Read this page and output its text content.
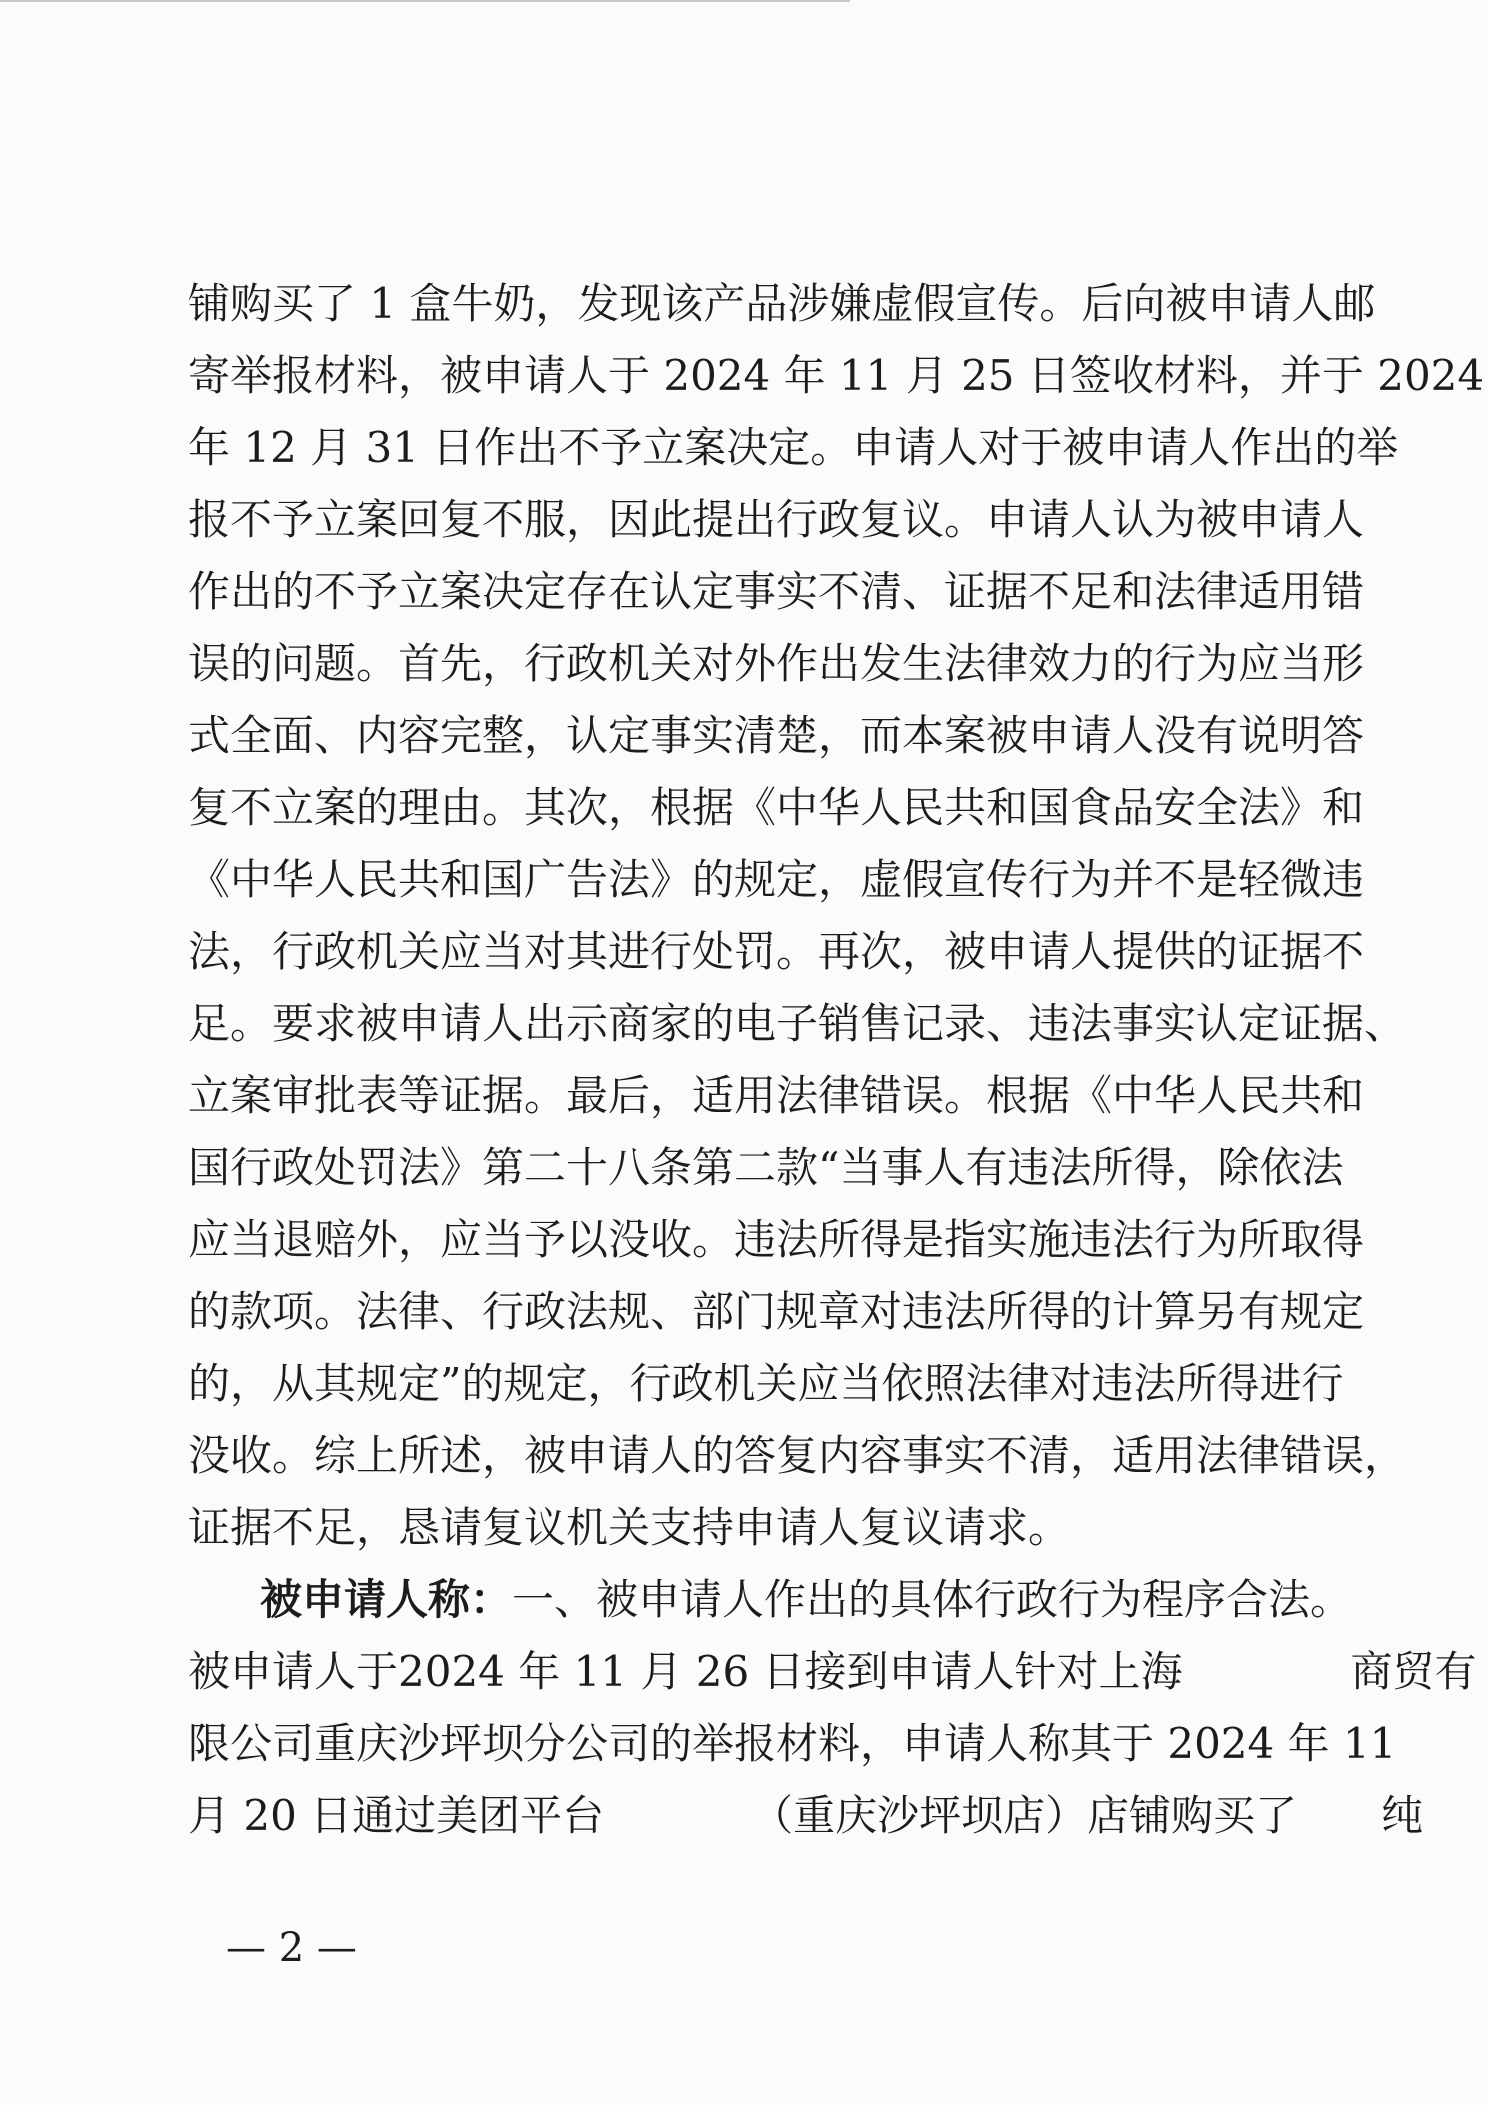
铺购买了 1 盒牛奶，发现该产品涉嫌虚假宣传。后向被申请人邮
寄举报材料，被申请人于 2024 年 11 月 25 日签收材料，并于 2024
年 12 月 31 日作出不予立案决定。申请人对于被申请人作出的举
报不予立案回复不服，因此提出行政复议。申请人认为被申请人
作出的不予立案决定存在认定事实不清、证据不足和法律适用错
误的问题。首先，行政机关对外作出发生法律效力的行为应当形
式全面、内容完整，认定事实清楚，而本案被申请人没有说明答
复不立案的理由。其次，根据《中华人民共和国食品安全法》和
《中华人民共和国广告法》的规定，虚假宣传行为并不是轻微违
法，行政机关应当对其进行处罚。再次，被申请人提供的证据不
足。要求被申请人出示商家的电子销售记录、违法事实认定证据、
立案审批表等证据。最后，适用法律错误。根据《中华人民共和
国行政处罚法》第二十八条第二款“当事人有违法所得，除依法
应当退赔外，应当予以没收。违法所得是指实施违法行为所取得
的款项。法律、行政法规、部门规章对违法所得的计算另有规定
的，从其规定”的规定，行政机关应当依照法律对违法所得进行
没收。综上所述，被申请人的答复内容事实不清，适用法律错误，
证据不足，恳请复议机关支持申请人复议请求。
被申请人称：一、被申请人作出的具体行政行为程序合法。
被申请人于2024 年 11 月 26 日接到申请人针对上海　　　　商贸有
限公司重庆沙坪坝分公司的举报材料，申请人称其于 2024 年 11
月 20 日通过美团平台　　　　（重庆沙坪坝店）店铺购买了　　纯
— 2 —
